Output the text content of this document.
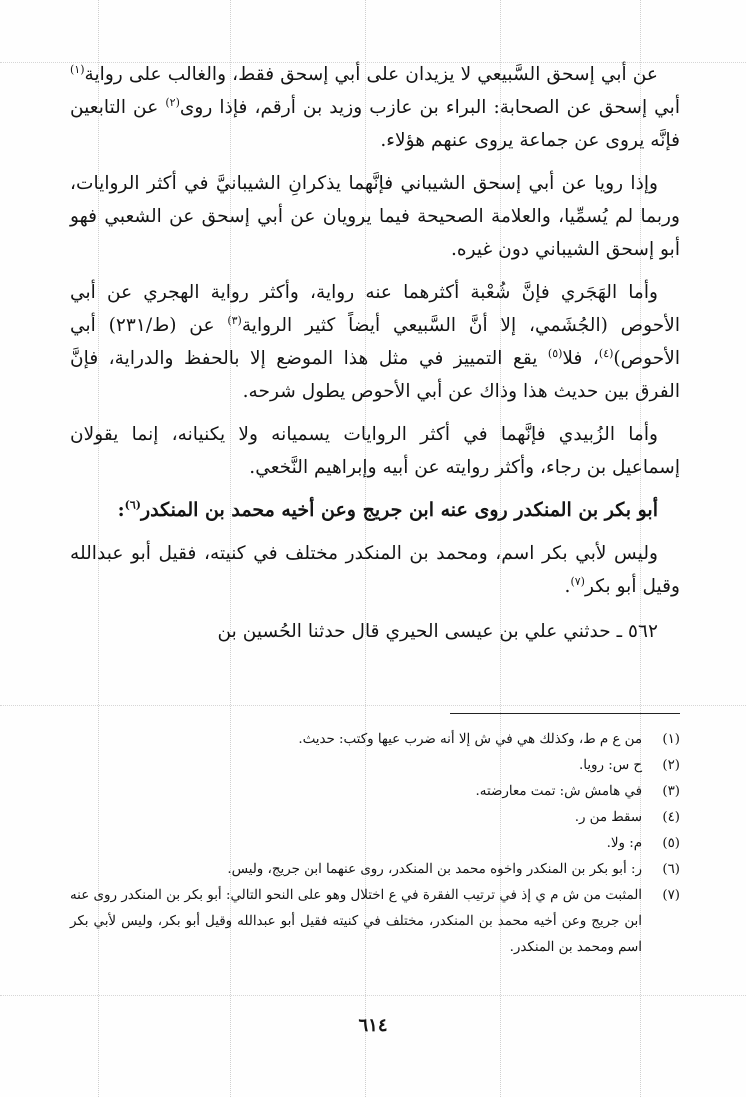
عن أبي إسحق السَّبيعي لا يزيدان على أبي إسحق فقط، والغالب على رواية$^{(١)}$ أبي إسحق عن الصحابة: البراء بن عازب وزيد بن أرقم، فإذا روى$^{(٢)}$ عن التابعين فإنَّه يروى عن جماعة يروى عنهم هؤلاء.

وإذا رويا عن أبي إسحق الشيباني فإنَّهما يذكرانِ الشيبانيَّ في أكثر الروايات، وربما لم يُسمِّيا، والعلامة الصحيحة فيما يرويان عن أبي إسحق عن الشعبي فهو أبو إسحق الشيباني دون غيره.

وأما الهَجَري فإنَّ شُعْبة أكثرهما عنه رواية، وأكثر رواية الهجري عن أبي الأحوص (الجُشَمي، إلا أنَّ السَّبيعي أيضاً كثير الرواية$^{(٣)}$ عن (ط/٢٣١) أبي الأحوص)$^{(٤)}$، فلا$^{(٥)}$ يقع التمييز في مثل هذا الموضع إلا بالحفظ والدراية، فإنَّ الفرق بين حديث هذا وذاك عن أبي الأحوص يطول شرحه.

وأما الزُبيدي فإنَّهما في أكثر الروايات يسميانه ولا يكنيانه، إنما يقولان إسماعيل بن رجاء، وأكثر روايته عن أبيه وإبراهيم النَّخعي.

أبو بكر بن المنكدر روى عنه ابن جريج وعن أخيه محمد بن المنكدر$^{(٦)}$:

وليس لأبي بكر اسم، ومحمد بن المنكدر مختلف في كنيته، فقيل أبو عبدالله وقيل أبو بكر$^{(٧)}$.

٥٦٢ ـ حدثني علي بن عيسى الحيري قال حدثنا الحُسين بن

(١)
من ع م ط، وكذلك هي في ش إلا أنه ضرب عيها وكتب: حديث.
(٢)
ح س: رويا.
(٣)
في هامش ش: تمت معارضته.
(٤)
سقط من ر.
(٥)
م: ولا.
(٦)
ر: أبو بكر بن المنكدر واخوه محمد بن المنكدر، روى عنهما ابن جريج، وليس.
(٧)
المثبت من ش م ي إذ في ترتيب الفقرة في ع اختلال وهو على النحو التالي: أبو بكر بن المنكدر روى عنه ابن جريج وعن أخيه محمد بن المنكدر، مختلف في كنيته فقيل أبو عبدالله وقيل أبو بكر، وليس لأبي بكر اسم ومحمد بن المنكدر.
٦١٤
